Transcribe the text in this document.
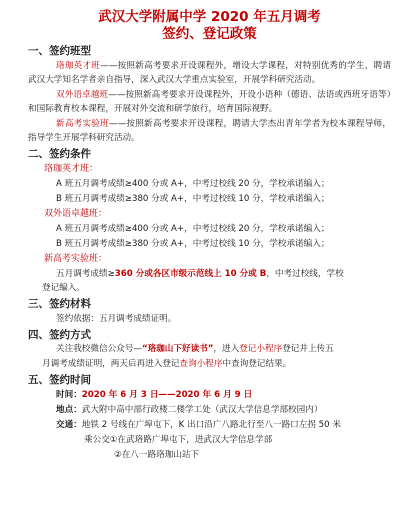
武汉大学附属中学 2020 年五月调考
签约、登记政策
一、签约班型

珞珈英才班——按照新高考要求开设课程外，增设大学课程，对特别优秀的学生，聘请武汉大学知名学者亲自指导，深入武汉大学重点实验室，开展学科研究活动。

双外语卓越班——按照新高考要求开设课程外，开设小语种（德语、法语或西班牙语等）和国际教育校本课程，开展对外交流和研学旅行，培育国际视野。

新高考实验班——按照新高考要求开设课程，聘请大学杰出青年学者为校本课程导师，指导学生开展学科研究活动。

二、签约条件
珞珈英才班：
A 班五月调考成绩≥400 分或 A+，中考过校线 20 分，学校承诺编入；
B 班五月调考成绩≥380 分或 A+，中考过校线 10 分，学校承诺编入；
双外语卓越班：
A 班五月调考成绩≥400 分或 A+，中考过校线 20 分，学校承诺编入；
B 班五月调考成绩≥380 分或 A+，中考过校线 10 分，学校承诺编入；
新高考实验班：

五月调考成绩≥360 分或各区市级示范线上 10 分或 B，中考过校线，学校

登记编入。
三、签约材料
签约依据：五月调考成绩证明。
四、签约方式
关注我校微信公众号—“珞珈山下好读书”，进入登记小程序登记并上传五
月调考成绩证明，两天后再进入登记查询小程序中查询登记结果。
五、签约时间
时间：2020 年 6 月 3 日——2020 年 6 月 9 日
地点：武大附中高中部行政楼二楼学工处（武汉大学信息学部校园内）
交通：地铁 2 号线在广埠屯下，K 出口沿广八路北行至八一路口左拐 50 米
乘公交①在武珞路广埠屯下，进武汉大学信息学部
②在八一路珞珈山站下
